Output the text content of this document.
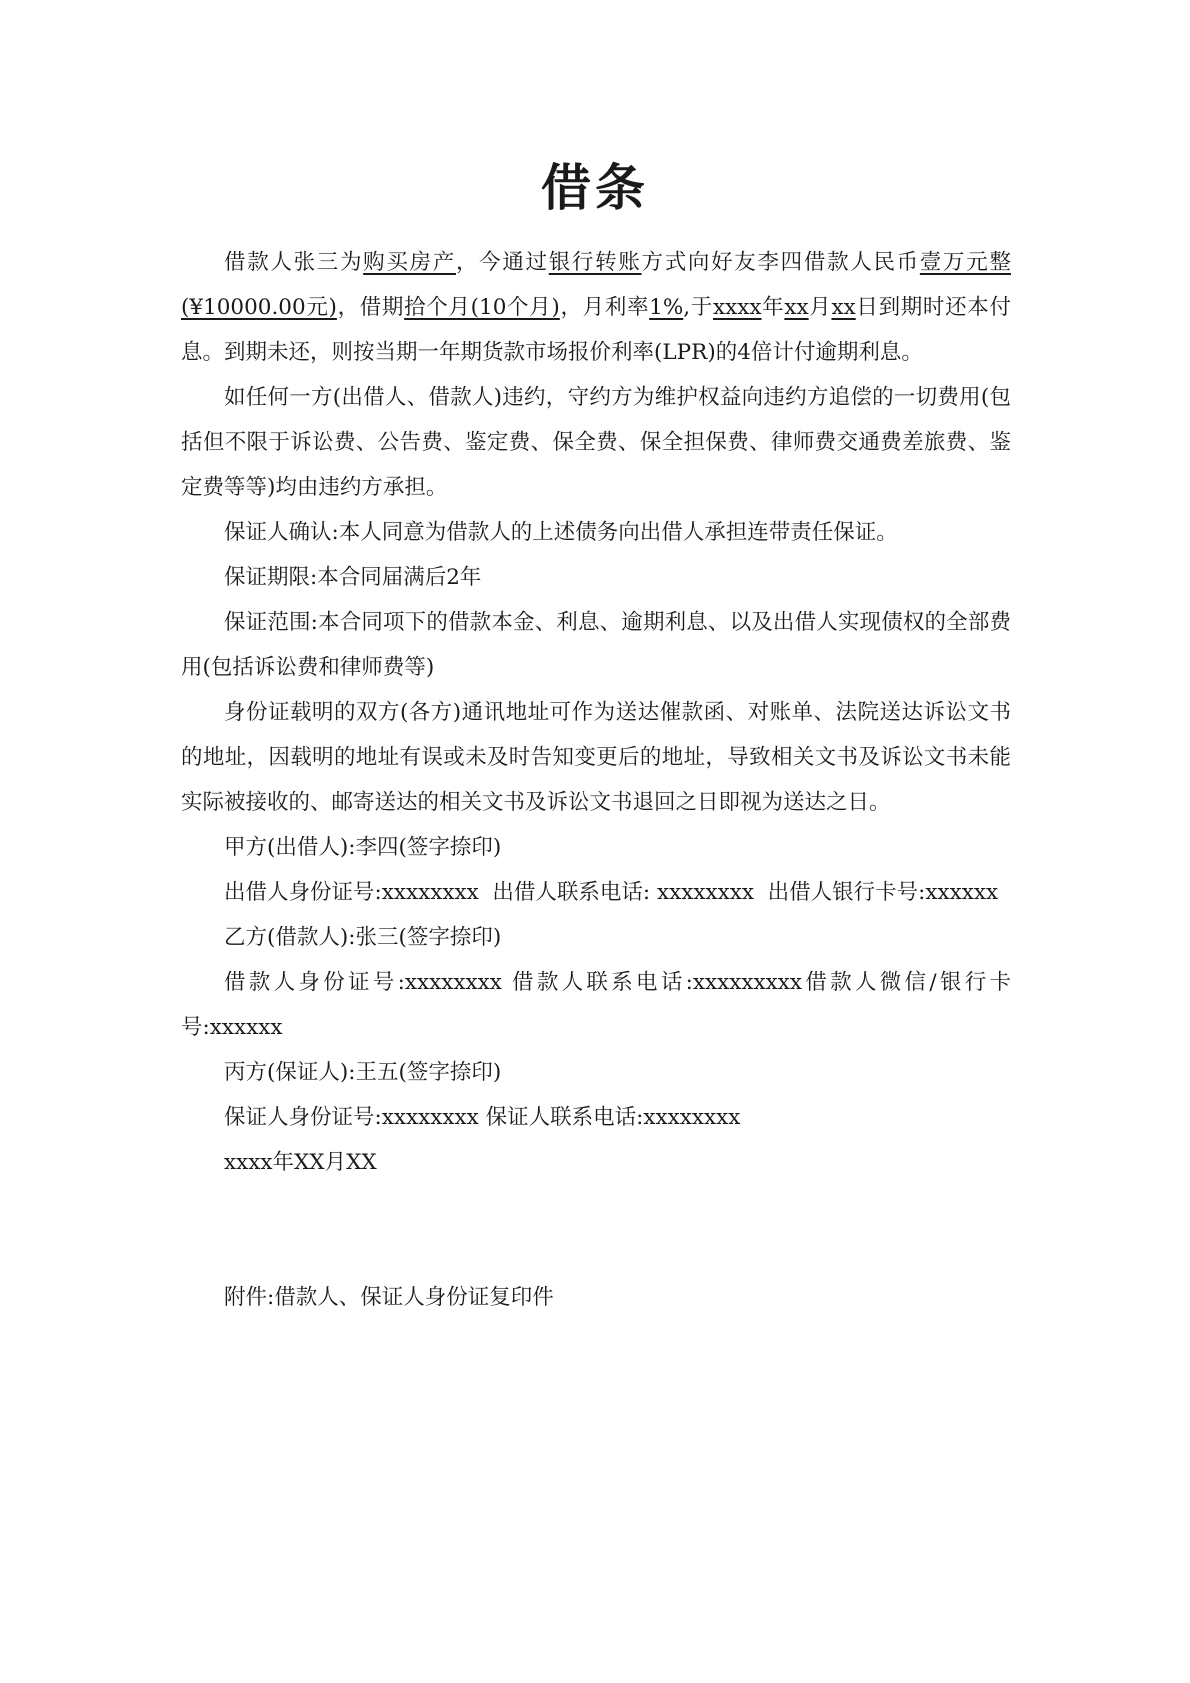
借条

借款人张三为购买房产，今通过银行转账方式向好友李四借款人民币壹万元整(¥10000.00元)，借期拾个月(10个月)，月利率1%,于xxxx年xx月xx日到期时还本付息。到期未还，则按当期一年期货款市场报价利率(LPR)的4倍计付逾期利息。

如任何一方(出借人、借款人)违约，守约方为维护权益向违约方追偿的一切费用(包括但不限于诉讼费、公告费、鉴定费、保全费、保全担保费、律师费交通费差旅费、鉴定费等等)均由违约方承担。

保证人确认:本人同意为借款人的上述债务向出借人承担连带责任保证。

保证期限:本合同届满后2年

保证范围:本合同项下的借款本金、利息、逾期利息、以及出借人实现债权的全部费用(包括诉讼费和律师费等)

身份证载明的双方(各方)通讯地址可作为送达催款函、对账单、法院送达诉讼文书的地址，因载明的地址有误或未及时告知变更后的地址，导致相关文书及诉讼文书未能实际被接收的、邮寄送达的相关文书及诉讼文书退回之日即视为送达之日。

甲方(出借人):李四(签字捺印)

出借人身份证号:xxxxxxxx  出借人联系电话: xxxxxxxx  出借人银行卡号:xxxxxx

乙方(借款人):张三(签字捺印)

借款人身份证号:xxxxxxxx 借款人联系电话:xxxxxxxxx借款人微信/银行卡号:xxxxxx

丙方(保证人):王五(签字捺印)

保证人身份证号:xxxxxxxx 保证人联系电话:xxxxxxxx

xxxx年XX月XX

附件:借款人、保证人身份证复印件
